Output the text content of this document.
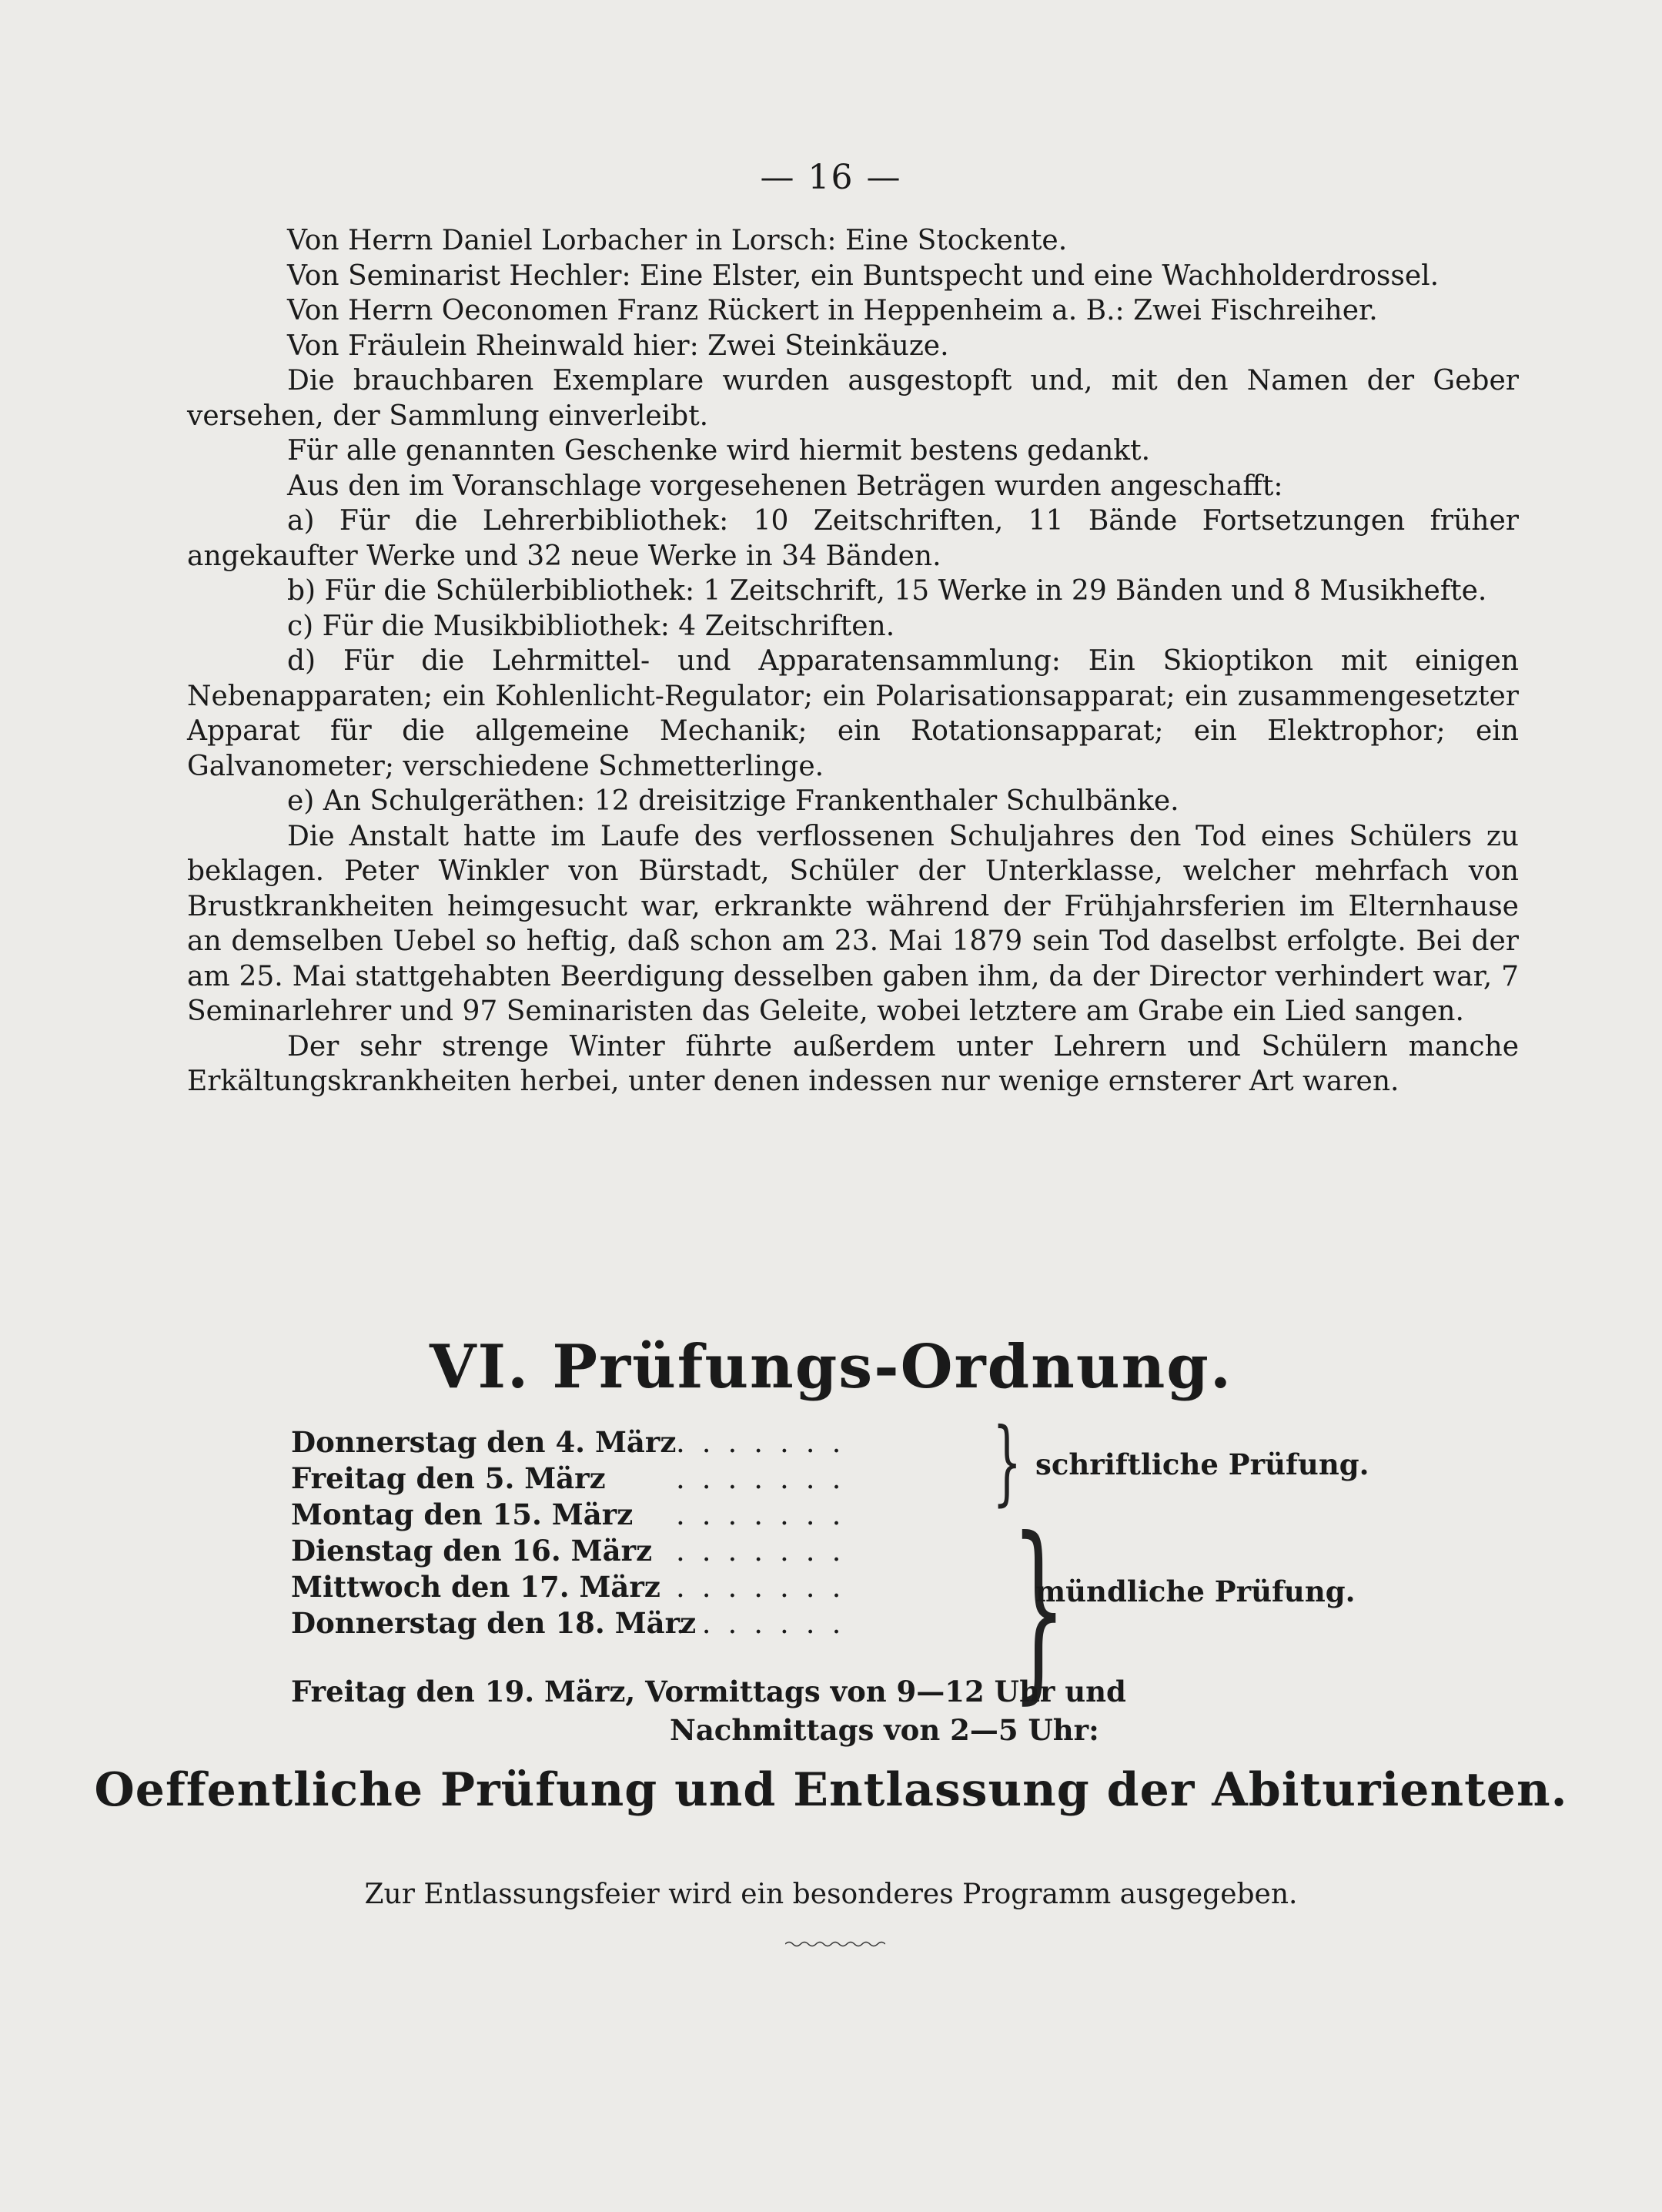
— 16 —

Von Herrn Daniel Lorbacher in Lorsch: Eine Stockente.

Von Seminarist Hechler: Eine Elster, ein Buntspecht und eine Wachholderdrossel.

Von Herrn Oeconomen Franz Rückert in Heppenheim a. B.: Zwei Fischreiher.

Von Fräulein Rheinwald hier: Zwei Steinkäuze.

Die brauchbaren Exemplare wurden ausgestopft und, mit den Namen der Geber versehen, der Sammlung einverleibt.

Für alle genannten Geschenke wird hiermit bestens gedankt.

Aus den im Voranschlage vorgesehenen Beträgen wurden angeschafft:

a) Für die Lehrerbibliothek: 10 Zeitschriften, 11 Bände Fortsetzungen früher angekaufter Werke und 32 neue Werke in 34 Bänden.

b) Für die Schülerbibliothek: 1 Zeitschrift, 15 Werke in 29 Bänden und 8 Musikhefte.

c) Für die Musikbibliothek: 4 Zeitschriften.

d) Für die Lehrmittel- und Apparatensammlung: Ein Skioptikon mit einigen Nebenapparaten; ein Kohlenlicht-Regulator; ein Polarisationsapparat; ein zusammengesetzter Apparat für die allgemeine Mechanik; ein Rotationsapparat; ein Elektrophor; ein Galvanometer; verschiedene Schmetterlinge.

e) An Schulgeräthen: 12 dreisitzige Frankenthaler Schulbänke.

Die Anstalt hatte im Laufe des verflossenen Schuljahres den Tod eines Schülers zu beklagen. Peter Winkler von Bürstadt, Schüler der Unterklasse, welcher mehrfach von Brustkrankheiten heimgesucht war, erkrankte während der Frühjahrsferien im Elternhause an demselben Uebel so heftig, daß schon am 23. Mai 1879 sein Tod daselbst erfolgte. Bei der am 25. Mai stattgehabten Beerdigung desselben gaben ihm, da der Director verhindert war, 7 Seminarlehrer und 97 Seminaristen das Geleite, wobei letztere am Grabe ein Lied sangen.

Der sehr strenge Winter führte außerdem unter Lehrern und Schülern manche Erkältungskrankheiten herbei, unter denen indessen nur wenige ernsterer Art waren.

VI. Prüfungs-Ordnung.
Donnerstag den 4. März.......
Freitag den 5. März .......
Montag den 15. März .......
Dienstag den 16. März .......
Mittwoch den 17. März .......
Donnerstag den 18. März.......
}
}
schriftliche Prüfung.
mündliche Prüfung.
Freitag den 19. März, Vormittags von 9—12 Uhr und
Nachmittags von 2—5 Uhr:
Oeffentliche Prüfung und Entlassung der Abiturienten.
Zur Entlassungsfeier wird ein besonderes Programm ausgegeben.
